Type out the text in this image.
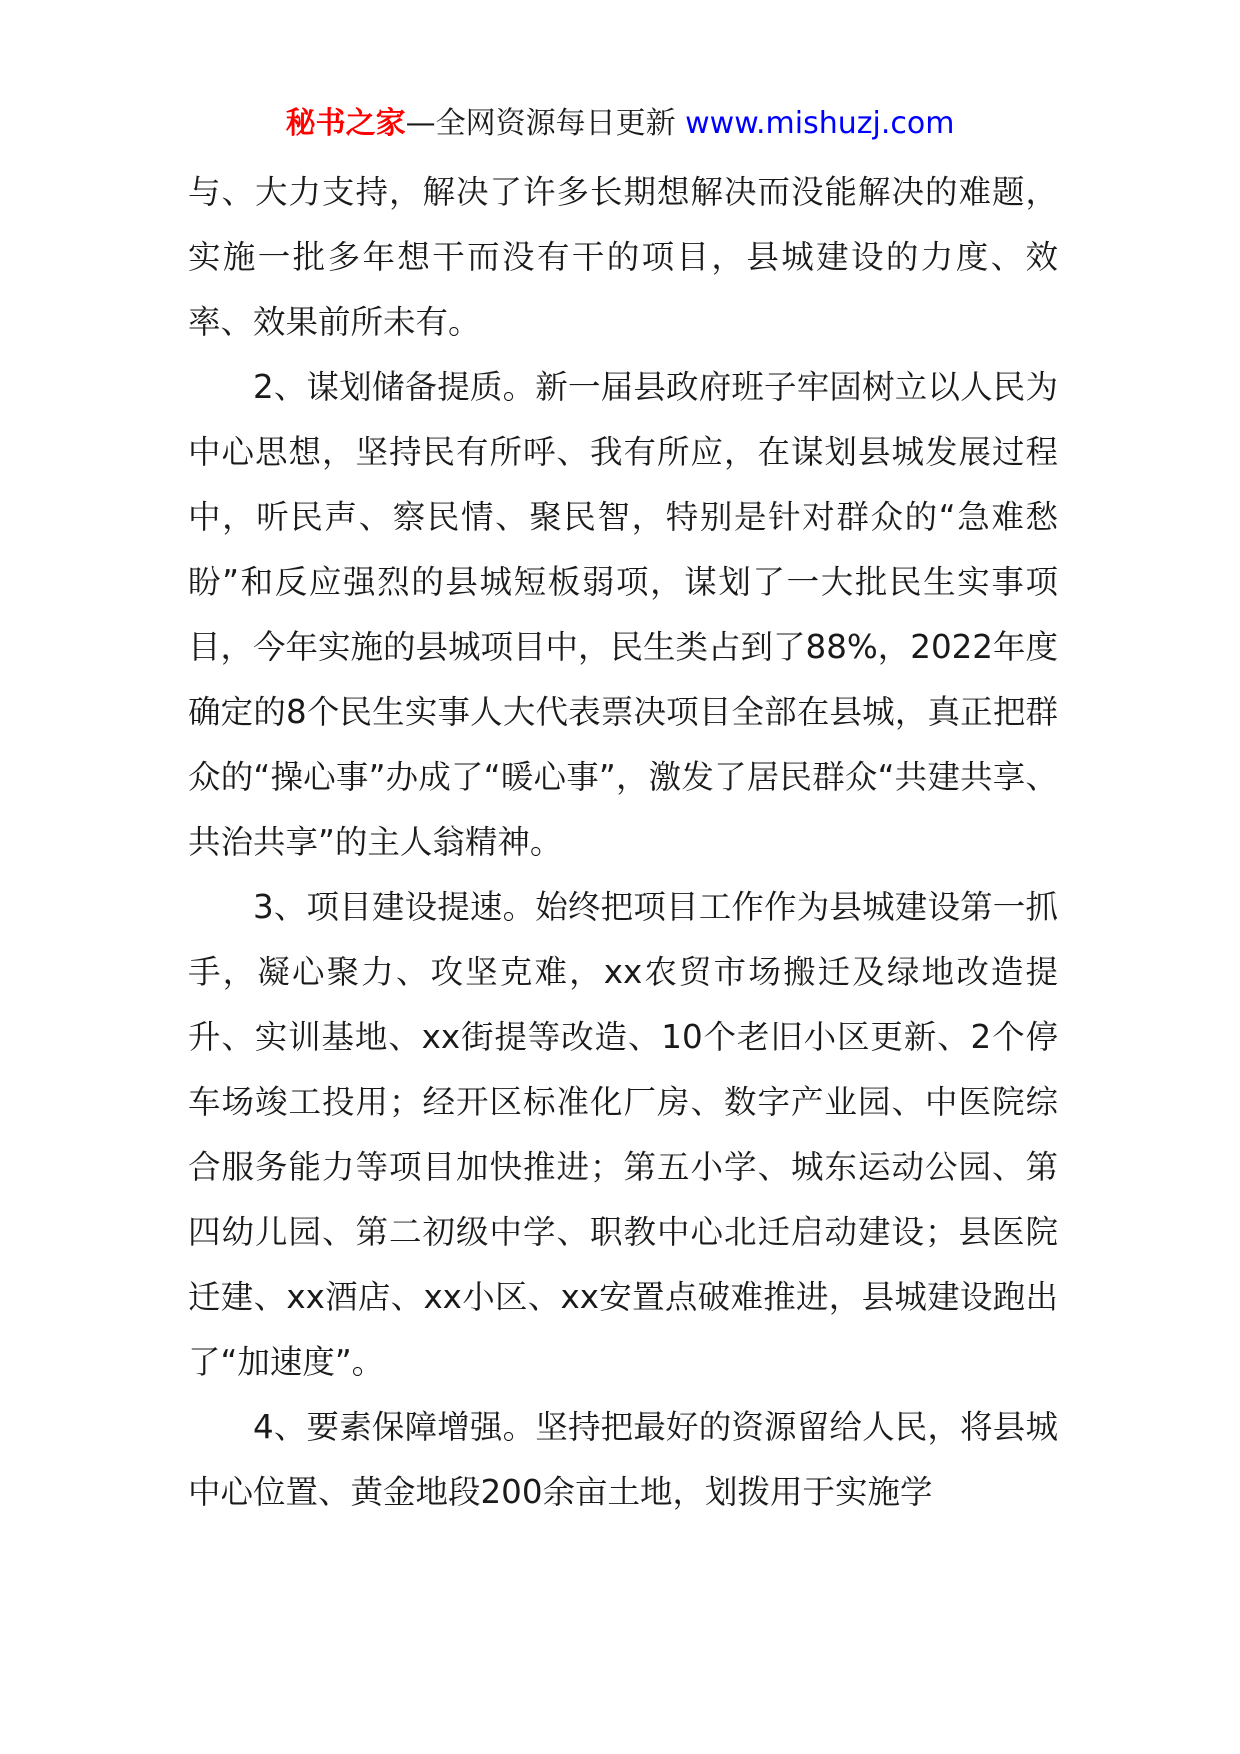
秘书之家—全网资源每日更新 www.mishuzj.com

与、大力支持，解决了许多长期想解决而没能解决的难题，实施一批多年想干而没有干的项目，县城建设的力度、效率、效果前所未有。

2、谋划储备提质。新一届县政府班子牢固树立以人民为中心思想，坚持民有所呼、我有所应，在谋划县城发展过程中，听民声、察民情、聚民智，特别是针对群众的“急难愁盼”和反应强烈的县城短板弱项，谋划了一大批民生实事项目，今年实施的县城项目中，民生类占到了88%，2022年度确定的8个民生实事人大代表票决项目全部在县城，真正把群众的“操心事”办成了“暖心事”，激发了居民群众“共建共享、共治共享”的主人翁精神。

3、项目建设提速。始终把项目工作作为县城建设第一抓手，凝心聚力、攻坚克难，xx农贸市场搬迁及绿地改造提升、实训基地、xx街提等改造、10个老旧小区更新、2个停车场竣工投用；经开区标准化厂房、数字产业园、中医院综合服务能力等项目加快推进；第五小学、城东运动公园、第四幼儿园、第二初级中学、职教中心北迁启动建设；县医院迁建、xx酒店、xx小区、xx安置点破难推进，县城建设跑出了“加速度”。

4、要素保障增强。坚持把最好的资源留给人民，将县城中心位置、黄金地段200余亩土地，划拨用于实施学
